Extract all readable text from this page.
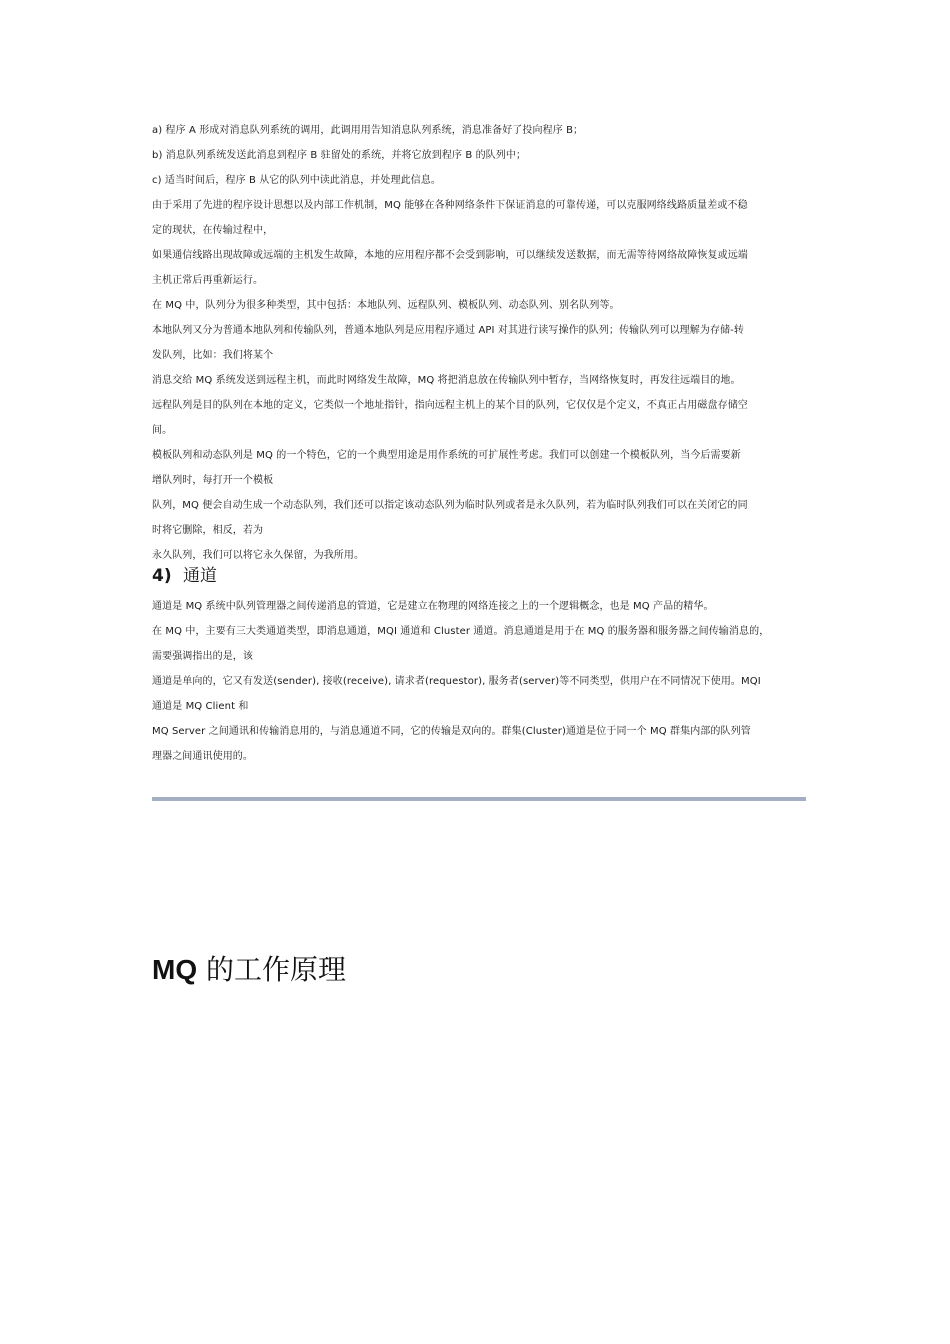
a) 程序 A 形成对消息队列系统的调用，此调用用告知消息队列系统，消息准备好了投向程序 B；
b) 消息队列系统发送此消息到程序 B 驻留处的系统，并将它放到程序 B 的队列中；
c) 适当时间后，程序 B 从它的队列中读此消息，并处理此信息。
由于采用了先进的程序设计思想以及内部工作机制，MQ 能够在各种网络条件下保证消息的可靠传递，可以克服网络线路质量差或不稳
定的现状，在传输过程中，
如果通信线路出现故障或远端的主机发生故障，本地的应用程序都不会受到影响，可以继续发送数据，而无需等待网络故障恢复或远端
主机正常后再重新运行。
在 MQ 中，队列分为很多种类型，其中包括：本地队列、远程队列、模板队列、动态队列、别名队列等。
本地队列又分为普通本地队列和传输队列，普通本地队列是应用程序通过 API 对其进行读写操作的队列；传输队列可以理解为存储-转
发队列，比如：我们将某个
消息交给 MQ 系统发送到远程主机，而此时网络发生故障，MQ 将把消息放在传输队列中暂存，当网络恢复时，再发往远端目的地。
远程队列是目的队列在本地的定义，它类似一个地址指针，指向远程主机上的某个目的队列，它仅仅是个定义，不真正占用磁盘存储空
间。
模板队列和动态队列是 MQ 的一个特色，它的一个典型用途是用作系统的可扩展性考虑。我们可以创建一个模板队列，当今后需要新
增队列时，每打开一个模板
队列，MQ 便会自动生成一个动态队列，我们还可以指定该动态队列为临时队列或者是永久队列，若为临时队列我们可以在关闭它的同
时将它删除，相反，若为
永久队列，我们可以将它永久保留，为我所用。
4) 通道
通道是 MQ 系统中队列管理器之间传递消息的管道，它是建立在物理的网络连接之上的一个逻辑概念，也是 MQ 产品的精华。
在 MQ 中，主要有三大类通道类型，即消息通道，MQI 通道和 Cluster 通道。消息通道是用于在 MQ 的服务器和服务器之间传输消息的，
需要强调指出的是，该
通道是单向的，它又有发送(sender), 接收(receive), 请求者(requestor), 服务者(server)等不同类型，供用户在不同情况下使用。MQI
通道是 MQ Client 和
MQ Server 之间通讯和传输消息用的，与消息通道不同，它的传输是双向的。群集(Cluster)通道是位于同一个 MQ 群集内部的队列管
理器之间通讯使用的。
MQ 的工作原理
